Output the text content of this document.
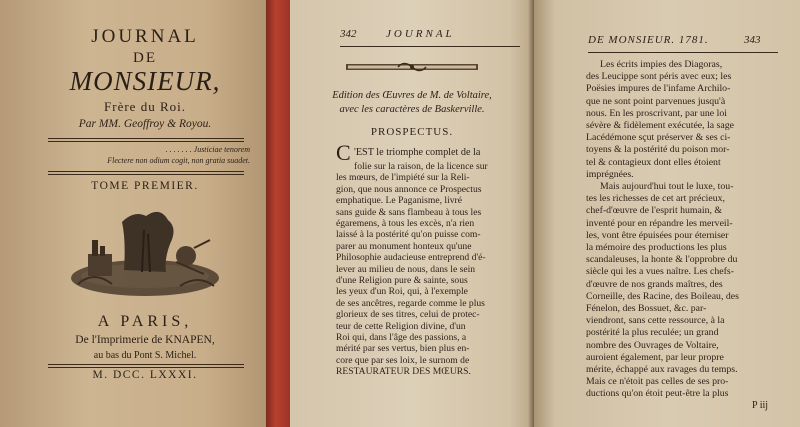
JOURNAL
DE
MONSIEUR,
Frère du Roi.
Par MM. Geoffroy & Royou.
. . . . . . . Justiciae tenorem
Flectere non odium cogit, non gratia suadet.
TOME PREMIER.
A PARIS,
De l'Imprimerie de KNAPEN,
au bas du Pont S. Michel.
M. DCC. LXXXI.
342	JOURNAL
Edition des Œuvres de M. de Voltaire,
avec les caractères de Baskerville.
PROSPECTUS.
C 'EST le triomphe complet de la
folie sur la raison, de la licence sur
les mœurs, de l'impiété sur la Reli-
gion, que nous annonce ce Prospectus
emphatique. Le Paganisme, livré
sans guide & sans flambeau à tous les
égaremens, à tous les excès, n'a rien
laissé à la postérité qu'on puisse com-
parer au monument honteux qu'une
Philosophie audacieuse entreprend d'é-
lever au milieu de nous, dans le sein
d'une Religion pure & sainte, sous
les yeux d'un Roi, qui, à l'exemple
de ses ancêtres, regarde comme le plus
glorieux de ses titres, celui de protec-
teur de cette Religion divine, d'un
Roi qui, dans l'âge des passions, a
mérité par ses vertus, bien plus en-
core que par ses loix, le surnom de
RESTAURATEUR DES MŒURS.
DE MONSIEUR. 1781.	343
Les écrits impies des Diagoras,
des Leucippe sont péris avec eux; les
Poësies impures de l'infame Archilo-
que ne sont point parvenues jusqu'à
nous. En les proscrivant, par une loi
sévère & fidèlement exécutée, la sage
Lacédémone sçut préserver & ses ci-
toyens & la postérité du poison mor-
tel & contagieux dont elles étoient
imprégnées.
Mais aujourd'hui tout le luxe, tou-
tes les richesses de cet art précieux,
chef-d'œuvre de l'esprit humain, &
inventé pour en répandre les merveil-
les, vont être épuisées pour éterniser
la mémoire des productions les plus
scandaleuses, la honte & l'opprobre du
siècle qui les a vues naître. Les chefs-
d'œuvre de nos grands maîtres, des
Corneille, des Racine, des Boileau, des
Fénelon, des Bossuet, &c. par-
viendront, sans cette ressource, à la
postérité la plus reculée; un grand
nombre des Ouvrages de Voltaire,
auroient également, par leur propre
mérite, échappé aux ravages du temps.
Mais ce n'étoit pas celles de ses pro-
ductions qu'on étoit peut-être la plus
P iij
